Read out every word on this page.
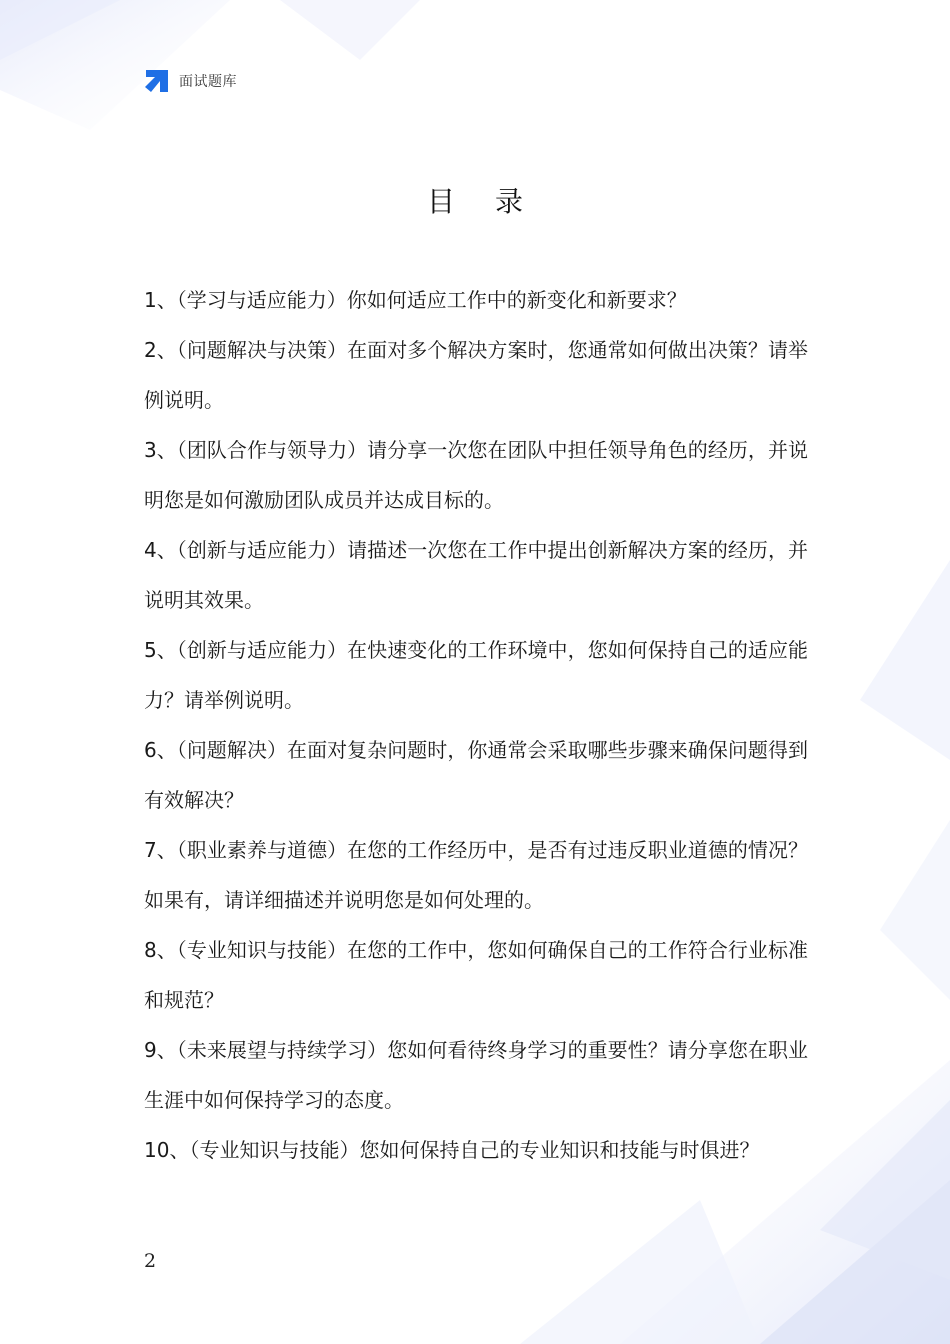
面试题库
目录
1、（学习与适应能力）你如何适应工作中的新变化和新要求？
2、（问题解决与决策）在面对多个解决方案时，您通常如何做出决策？请举例说明。
3、（团队合作与领导力）请分享一次您在团队中担任领导角色的经历，并说明您是如何激励团队成员并达成目标的。
4、（创新与适应能力）请描述一次您在工作中提出创新解决方案的经历，并说明其效果。
5、（创新与适应能力）在快速变化的工作环境中，您如何保持自己的适应能力？请举例说明。
6、（问题解决）在面对复杂问题时，你通常会采取哪些步骤来确保问题得到有效解决？
7、（职业素养与道德）在您的工作经历中，是否有过违反职业道德的情况？如果有，请详细描述并说明您是如何处理的。
8、（专业知识与技能）在您的工作中，您如何确保自己的工作符合行业标准和规范？
9、（未来展望与持续学习）您如何看待终身学习的重要性？请分享您在职业生涯中如何保持学习的态度。
10、（专业知识与技能）您如何保持自己的专业知识和技能与时俱进？
2
